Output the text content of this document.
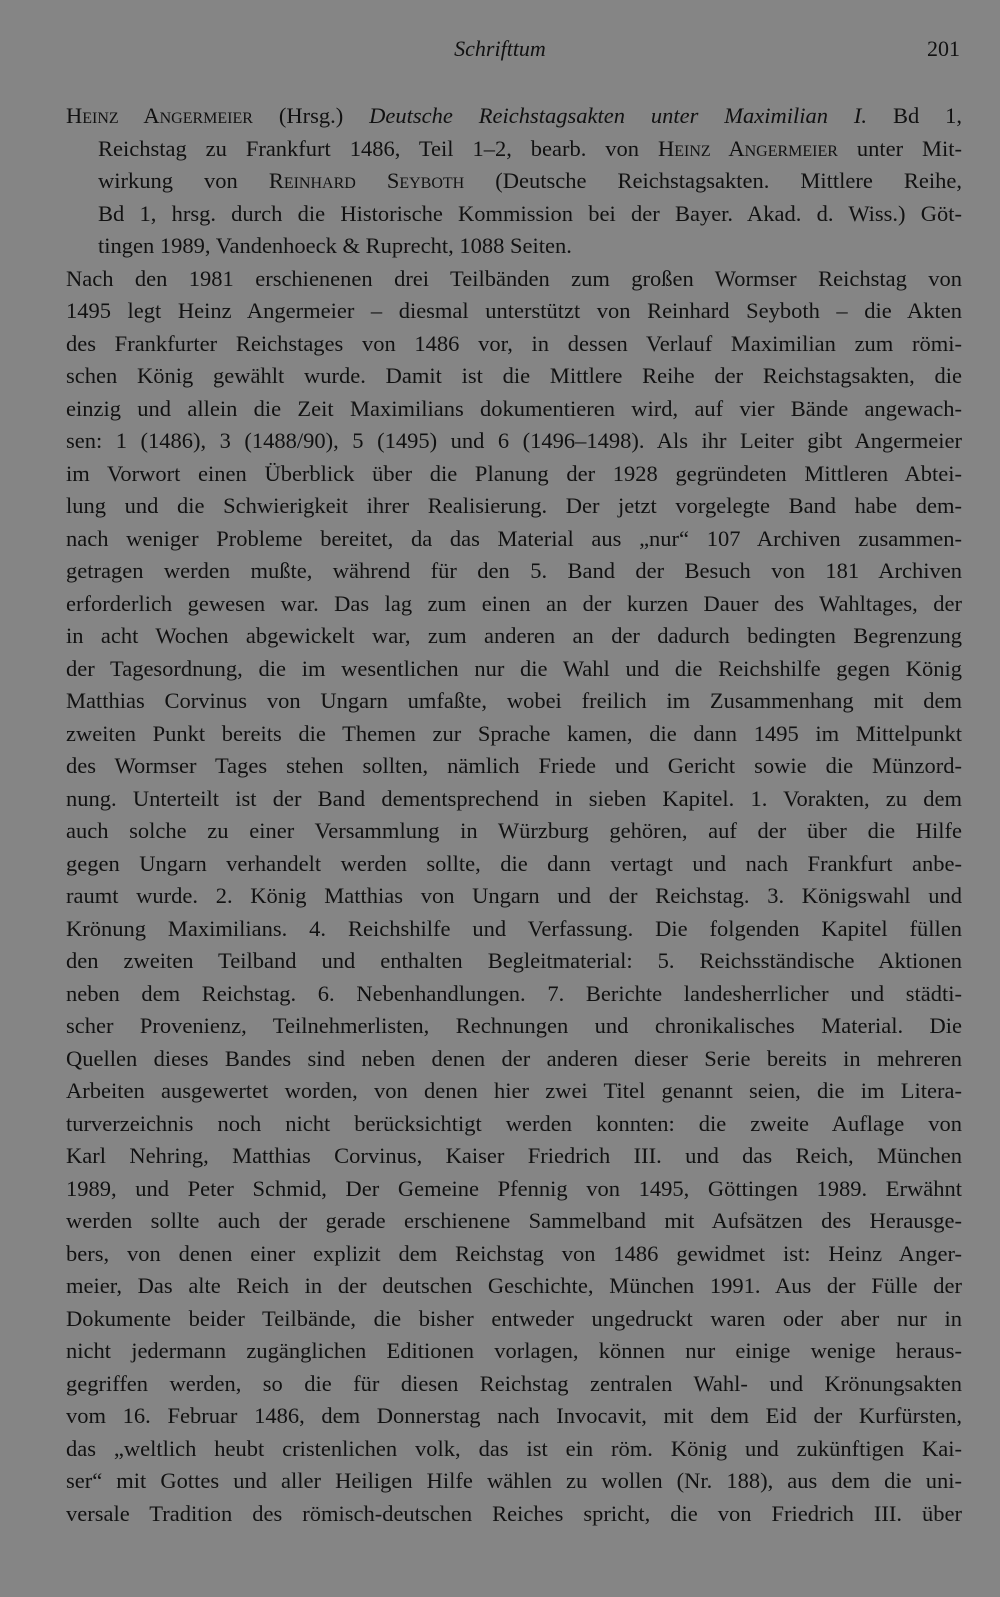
Schrifttum	201
Heinz Angermeier (Hrsg.) Deutsche Reichstagsakten unter Maximilian I. Bd 1,
Reichstag zu Frankfurt 1486, Teil 1–2, bearb. von Heinz Angermeier unter Mit-
wirkung von Reinhard Seyboth (Deutsche Reichstagsakten. Mittlere Reihe,
Bd 1, hrsg. durch die Historische Kommission bei der Bayer. Akad. d. Wiss.) Göt-
tingen 1989, Vandenhoeck & Ruprecht, 1088 Seiten.
Nach den 1981 erschienenen drei Teilbänden zum großen Wormser Reichstag von
1495 legt Heinz Angermeier – diesmal unterstützt von Reinhard Seyboth – die Akten
des Frankfurter Reichstages von 1486 vor, in dessen Verlauf Maximilian zum römi-
schen König gewählt wurde. Damit ist die Mittlere Reihe der Reichstagsakten, die
einzig und allein die Zeit Maximilians dokumentieren wird, auf vier Bände angewach-
sen: 1 (1486), 3 (1488/90), 5 (1495) und 6 (1496–1498). Als ihr Leiter gibt Angermeier
im Vorwort einen Überblick über die Planung der 1928 gegründeten Mittleren Abtei-
lung und die Schwierigkeit ihrer Realisierung. Der jetzt vorgelegte Band habe dem-
nach weniger Probleme bereitet, da das Material aus „nur“ 107 Archiven zusammen-
getragen werden mußte, während für den 5. Band der Besuch von 181 Archiven
erforderlich gewesen war. Das lag zum einen an der kurzen Dauer des Wahltages, der
in acht Wochen abgewickelt war, zum anderen an der dadurch bedingten Begrenzung
der Tagesordnung, die im wesentlichen nur die Wahl und die Reichshilfe gegen König
Matthias Corvinus von Ungarn umfaßte, wobei freilich im Zusammenhang mit dem
zweiten Punkt bereits die Themen zur Sprache kamen, die dann 1495 im Mittelpunkt
des Wormser Tages stehen sollten, nämlich Friede und Gericht sowie die Münzord-
nung. Unterteilt ist der Band dementsprechend in sieben Kapitel. 1. Vorakten, zu dem
auch solche zu einer Versammlung in Würzburg gehören, auf der über die Hilfe
gegen Ungarn verhandelt werden sollte, die dann vertagt und nach Frankfurt anbe-
raumt wurde. 2. König Matthias von Ungarn und der Reichstag. 3. Königswahl und
Krönung Maximilians. 4. Reichshilfe und Verfassung. Die folgenden Kapitel füllen
den zweiten Teilband und enthalten Begleitmaterial: 5. Reichsständische Aktionen
neben dem Reichstag. 6. Nebenhandlungen. 7. Berichte landesherrlicher und städti-
scher Provenienz, Teilnehmerlisten, Rechnungen und chronikalisches Material. Die
Quellen dieses Bandes sind neben denen der anderen dieser Serie bereits in mehreren
Arbeiten ausgewertet worden, von denen hier zwei Titel genannt seien, die im Litera-
turverzeichnis noch nicht berücksichtigt werden konnten: die zweite Auflage von
Karl Nehring, Matthias Corvinus, Kaiser Friedrich III. und das Reich, München
1989, und Peter Schmid, Der Gemeine Pfennig von 1495, Göttingen 1989. Erwähnt
werden sollte auch der gerade erschienene Sammelband mit Aufsätzen des Herausge-
bers, von denen einer explizit dem Reichstag von 1486 gewidmet ist: Heinz Anger-
meier, Das alte Reich in der deutschen Geschichte, München 1991. Aus der Fülle der
Dokumente beider Teilbände, die bisher entweder ungedruckt waren oder aber nur in
nicht jedermann zugänglichen Editionen vorlagen, können nur einige wenige heraus-
gegriffen werden, so die für diesen Reichstag zentralen Wahl- und Krönungsakten
vom 16. Februar 1486, dem Donnerstag nach Invocavit, mit dem Eid der Kurfürsten,
das „weltlich heubt cristenlichen volk, das ist ein röm. König und zukünftigen Kai-
ser“ mit Gottes und aller Heiligen Hilfe wählen zu wollen (Nr. 188), aus dem die uni-
versale Tradition des römisch-deutschen Reiches spricht, die von Friedrich III. über
